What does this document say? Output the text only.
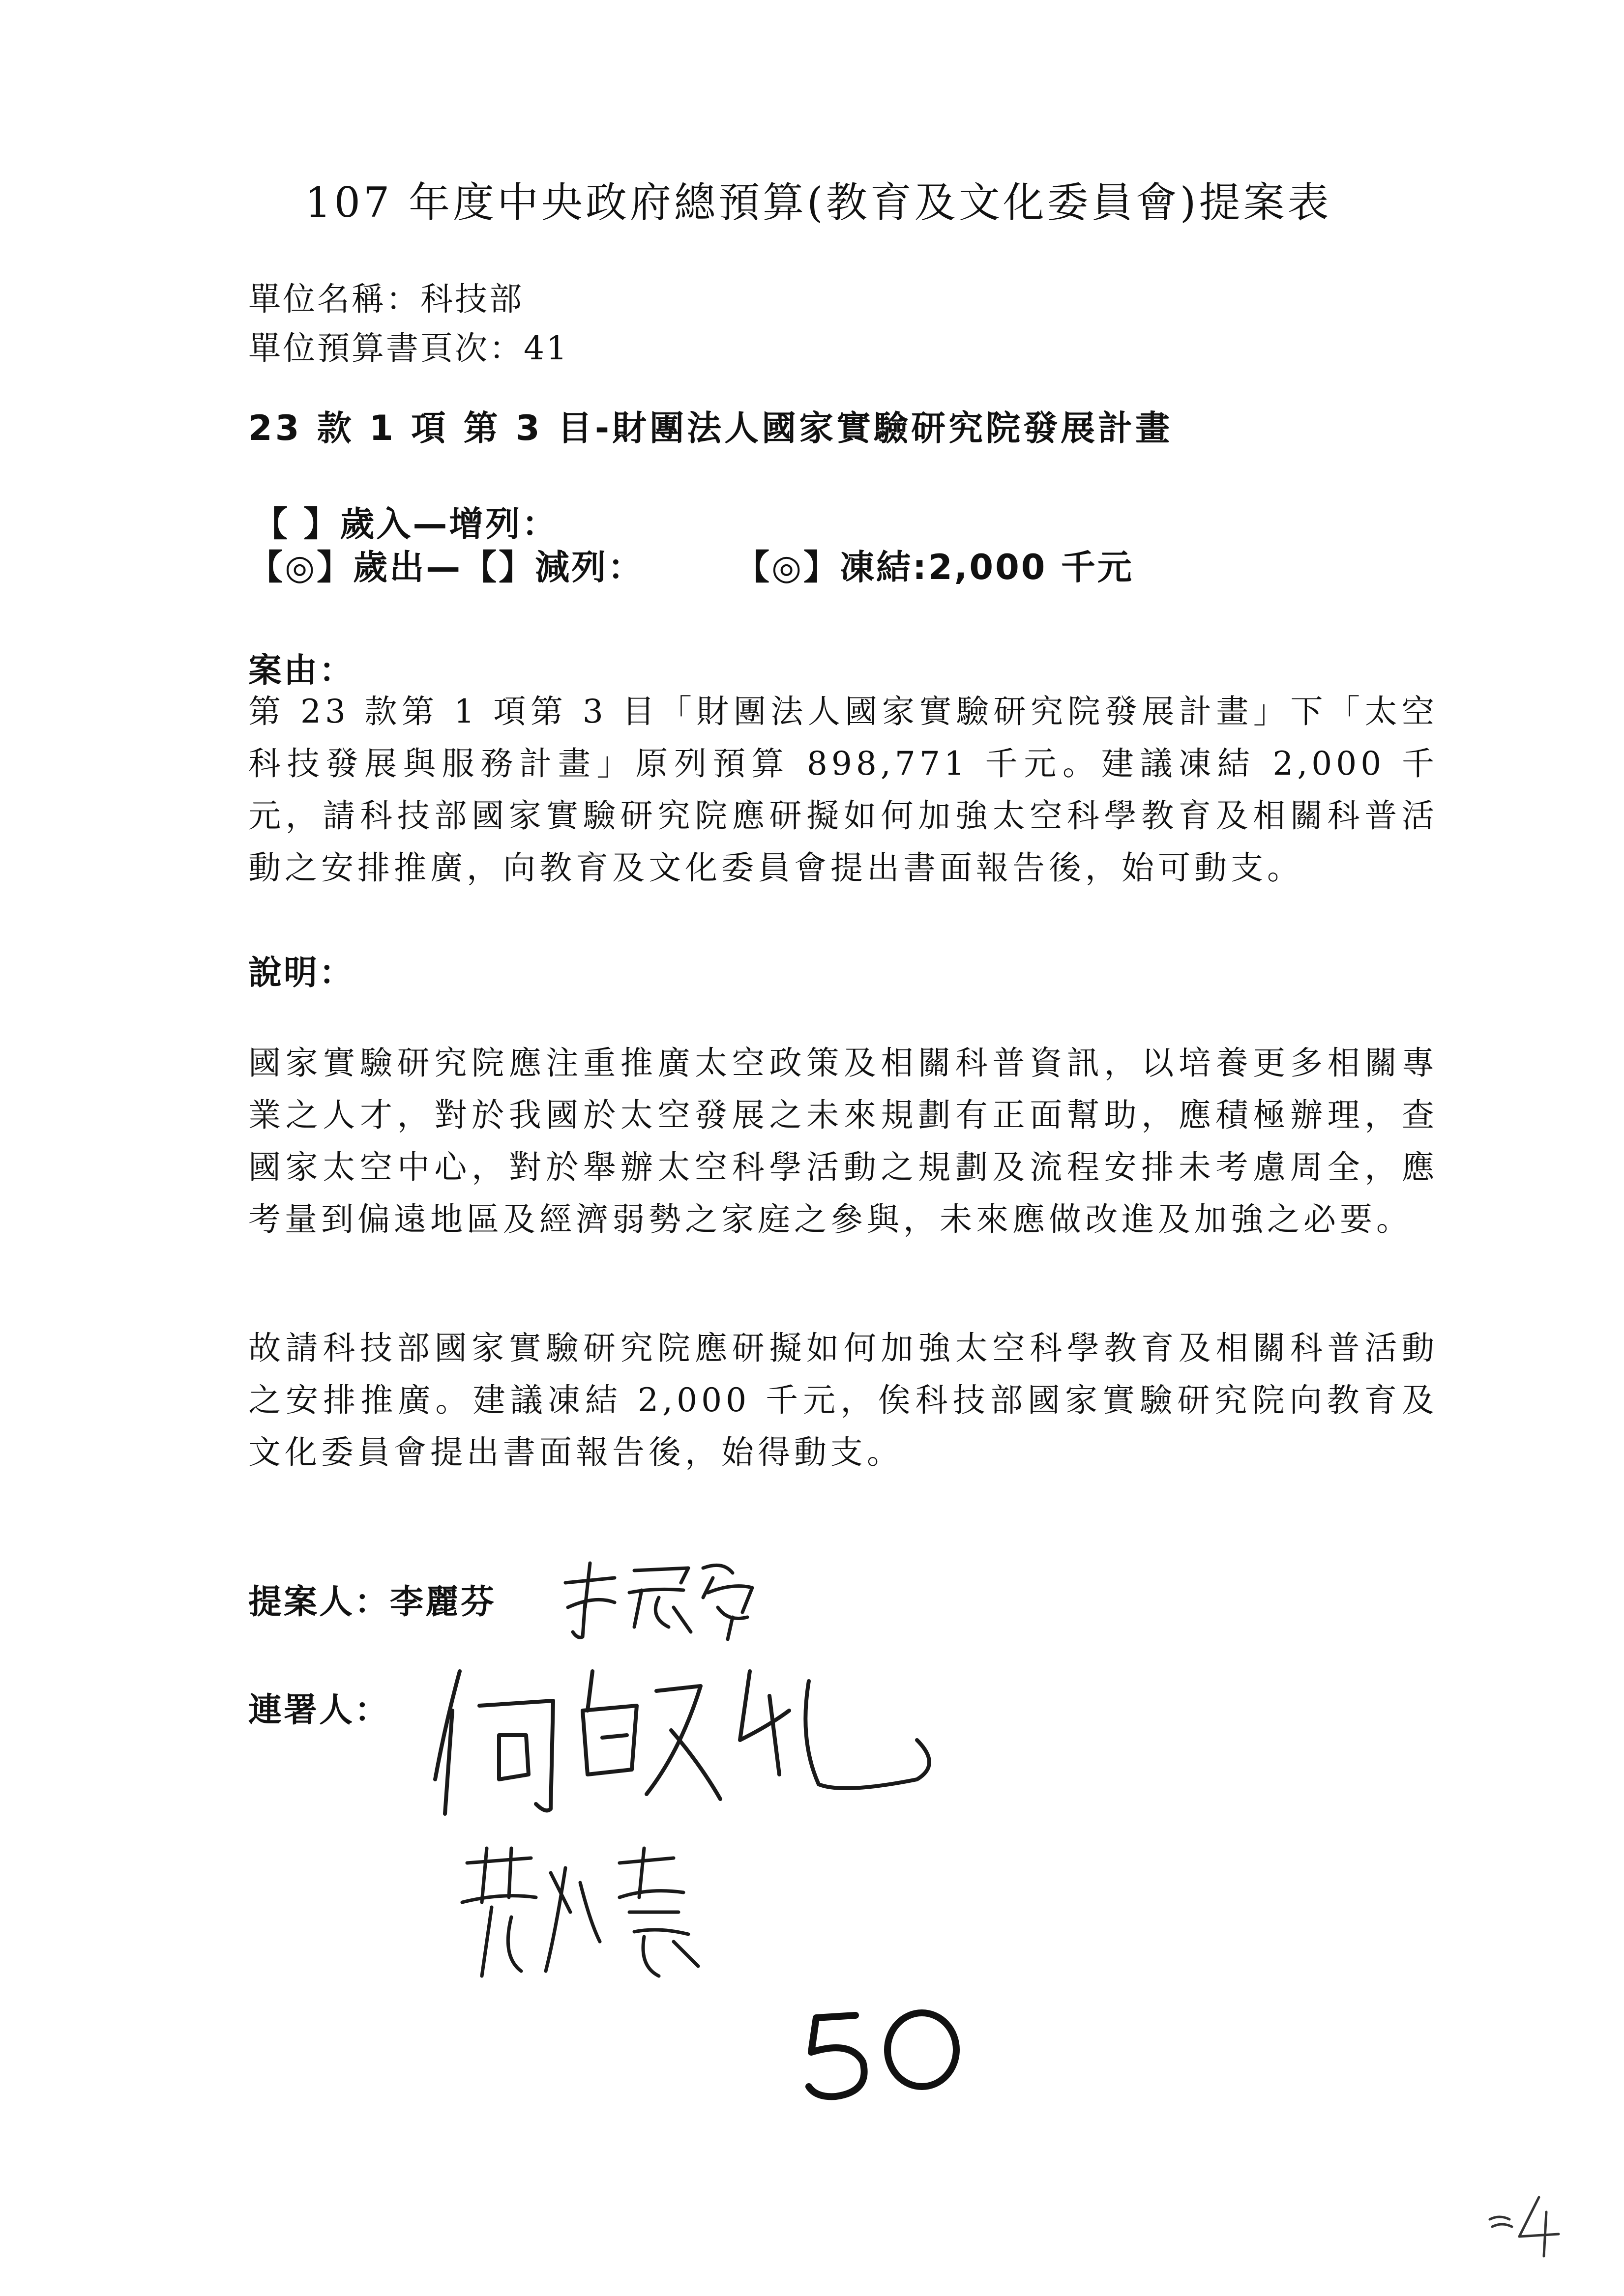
107 年度中央政府總預算(教育及文化委員會)提案表
單位名稱：科技部
單位預算書頁次：41
23 款 1 項 第 3 目-財團法人國家實驗研究院發展計畫
【 】歲入—增列：
【◎】歲出—【】減列：	【◎】凍結:2,000 千元
案由：
第 23 款第 1 項第 3 目「財團法人國家實驗研究院發展計畫」下「太空科技發展與服務計畫」原列預算 898,771 千元。建議凍結 2,000 千元，請科技部國家實驗研究院應研擬如何加強太空科學教育及相關科普活動之安排推廣，向教育及文化委員會提出書面報告後，始可動支。
說明：
國家實驗研究院應注重推廣太空政策及相關科普資訊，以培養更多相關專業之人才，對於我國於太空發展之未來規劃有正面幫助，應積極辦理，查國家太空中心，對於舉辦太空科學活動之規劃及流程安排未考慮周全，應考量到偏遠地區及經濟弱勢之家庭之參與，未來應做改進及加強之必要。
故請科技部國家實驗研究院應研擬如何加強太空科學教育及相關科普活動之安排推廣。建議凍結 2,000 千元，俟科技部國家實驗研究院向教育及文化委員會提出書面報告後，始得動支。
提案人：李麗芬
連署人：
